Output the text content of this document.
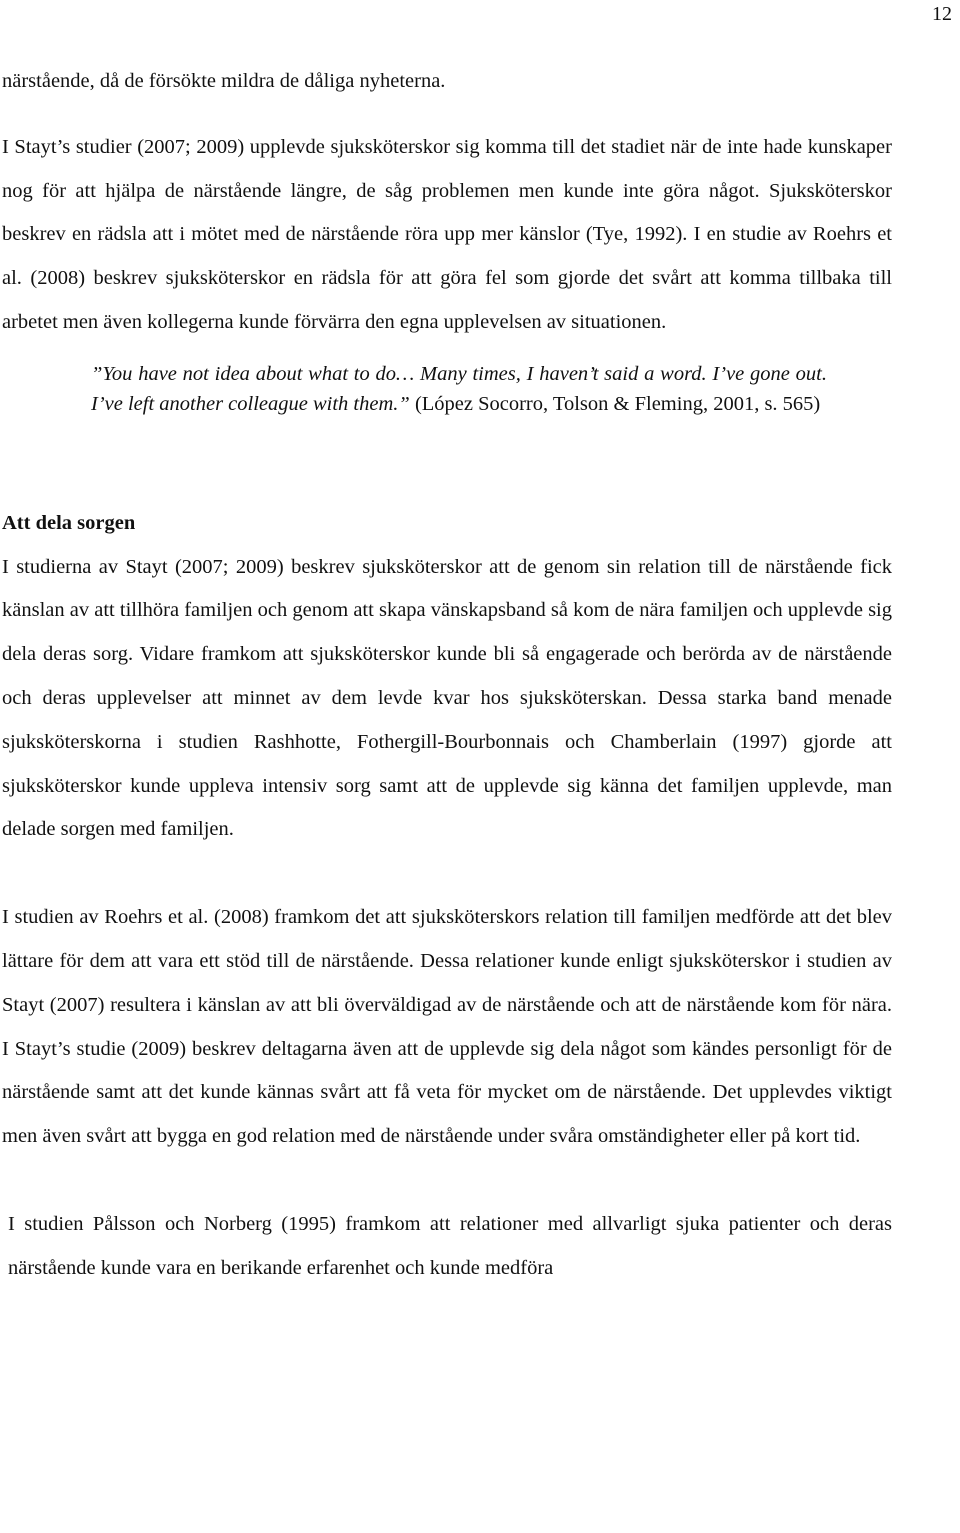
12

närstående, då de försökte mildra de dåliga nyheterna.

I Stayt’s studier (2007; 2009) upplevde sjuksköterskor sig komma till det stadiet när de inte hade kunskaper nog för att hjälpa de närstående längre, de såg problemen men kunde inte göra något. Sjuksköterskor beskrev en rädsla att i mötet med de närstående röra upp mer känslor (Tye, 1992). I en studie av Roehrs et al. (2008) beskrev sjuksköterskor en rädsla för att göra fel som gjorde det svårt att komma tillbaka till arbetet men även kollegerna kunde förvärra den egna upplevelsen av situationen.

”You have not idea about what to do… Many times, I haven’t said a word. I’ve gone out. I’ve left another colleague with them.” (López Socorro, Tolson & Fleming, 2001, s. 565)

Att dela sorgen

I studierna av Stayt (2007; 2009) beskrev sjuksköterskor att de genom sin relation till de närstående fick känslan av att tillhöra familjen och genom att skapa vänskapsband så kom de nära familjen och upplevde sig dela deras sorg. Vidare framkom att sjuksköterskor kunde bli så engagerade och berörda av de närstående och deras upplevelser att minnet av dem levde kvar hos sjuksköterskan. Dessa starka band menade sjuksköterskorna i studien Rashhotte, Fothergill-Bourbonnais och Chamberlain (1997) gjorde att sjuksköterskor kunde uppleva intensiv sorg samt att de upplevde sig känna det familjen upplevde, man delade sorgen med familjen.

I studien av Roehrs et al. (2008) framkom det att sjuksköterskors relation till familjen medförde att det blev lättare för dem att vara ett stöd till de närstående. Dessa relationer kunde enligt sjuksköterskor i studien av Stayt (2007) resultera i känslan av att bli överväldigad av de närstående och att de närstående kom för nära. I Stayt’s studie (2009) beskrev deltagarna även att de upplevde sig dela något som kändes personligt för de närstående samt att det kunde kännas svårt att få veta för mycket om de närstående. Det upplevdes viktigt men även svårt att bygga en god relation med de närstående under svåra omständigheter eller på kort tid.

I studien Pålsson och Norberg (1995) framkom att relationer med allvarligt sjuka patienter och deras närstående kunde vara en berikande erfarenhet och kunde medföra
